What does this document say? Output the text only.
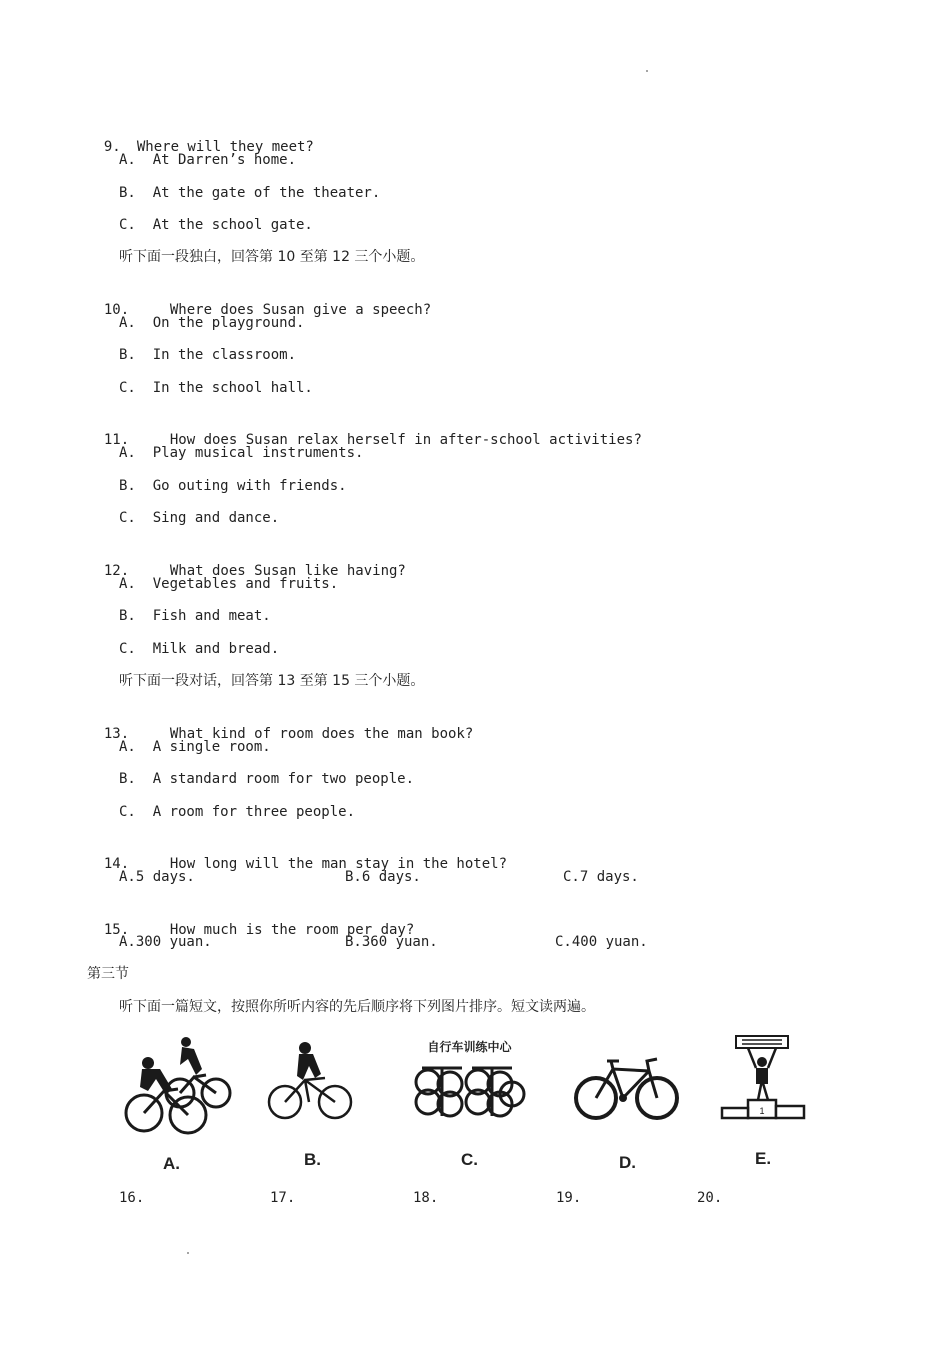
9. Where will they meet?

A.  At Darren’s home.
B.  At the gate of the theater.
C.  At the school gate.
听下面一段独白，回答第 10 至第 12 三个小题。

10.	Where does Susan give a speech?

A.  On the playground.
B.  In the classroom.
C.  In the school hall.

11.	How does Susan relax herself in after-school activities?

A.  Play musical instruments.
B.  Go outing with friends.
C.  Sing and dance.

12.	What does Susan like having?

A.  Vegetables and fruits.
B.  Fish and meat.
C.  Milk and bread.
听下面一段对话，回答第 13 至第 15 三个小题。

13.	What kind of room does the man book?

A.  A single room.
B.  A standard room for two people.
C.  A room for three people.

14.	How long will the man stay in the hotel?

A.5 days.	B.6 days.	C.7 days.

15.	How much is the room per day?

A.300 yuan.	B.360 yuan.	C.400 yuan.
第三节
听下面一篇短文，按照你所听内容的先后顺序将下列图片排序。短文读两遍。
A.	B.
自行车训练中心
C.	D.
1
E.
16.	17.	18.	19.	20.
